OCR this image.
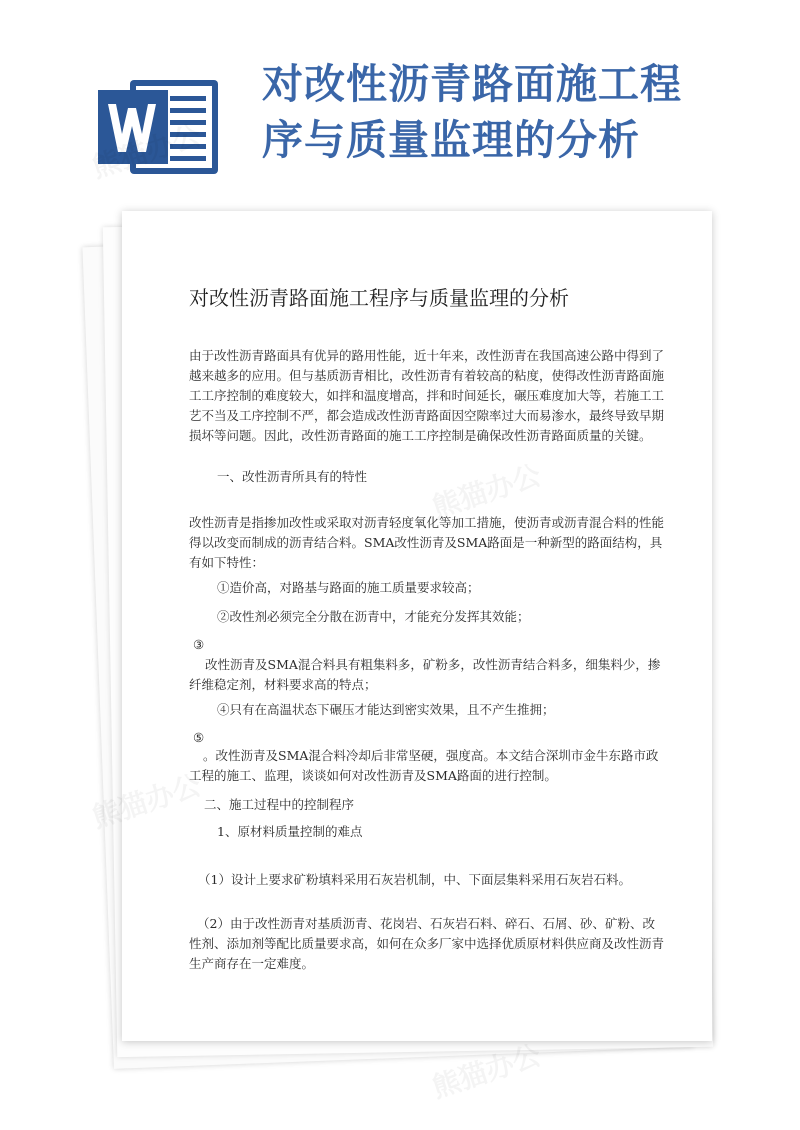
对改性沥青路面施工程
序与质量监理的分析
对改性沥青路面施工程序与质量监理的分析

由于改性沥青路面具有优异的路用性能，近十年来，改性沥青在我国高速公路中得到了越来越多的应用。但与基质沥青相比，改性沥青有着较高的粘度，使得改性沥青路面施工工序控制的难度较大，如拌和温度增高，拌和时间延长，碾压难度加大等，若施工工艺不当及工序控制不严，都会造成改性沥青路面因空隙率过大而易渗水，最终导致早期损坏等问题。因此，改性沥青路面的施工工序控制是确保改性沥青路面质量的关键。

一、改性沥青所具有的特性

改性沥青是指掺加改性或采取对沥青轻度氧化等加工措施，使沥青或沥青混合料的性能得以改变而制成的沥青结合料。SMA改性沥青及SMA路面是一种新型的路面结构，具有如下特性：

①造价高，对路基与路面的施工质量要求较高；

②改性剂必须完全分散在沥青中，才能充分发挥其效能；

③

改性沥青及SMA混合料具有粗集料多，矿粉多，改性沥青结合料多，细集料少，掺纤维稳定剂，材料要求高的特点；

④只有在高温状态下碾压才能达到密实效果，且不产生推拥；

⑤

。改性沥青及SMA混合料冷却后非常坚硬，强度高。本文结合深圳市金牛东路市政工程的施工、监理，谈谈如何对改性沥青及SMA路面的进行控制。

二、施工过程中的控制程序

1、原材料质量控制的难点

（1）设计上要求矿粉填料采用石灰岩机制，中、下面层集料采用石灰岩石料。

（2）由于改性沥青对基质沥青、花岗岩、石灰岩石料、碎石、石屑、砂、矿粉、改性剂、添加剂等配比质量要求高，如何在众多厂家中选择优质原材料供应商及改性沥青生产商存在一定难度。
